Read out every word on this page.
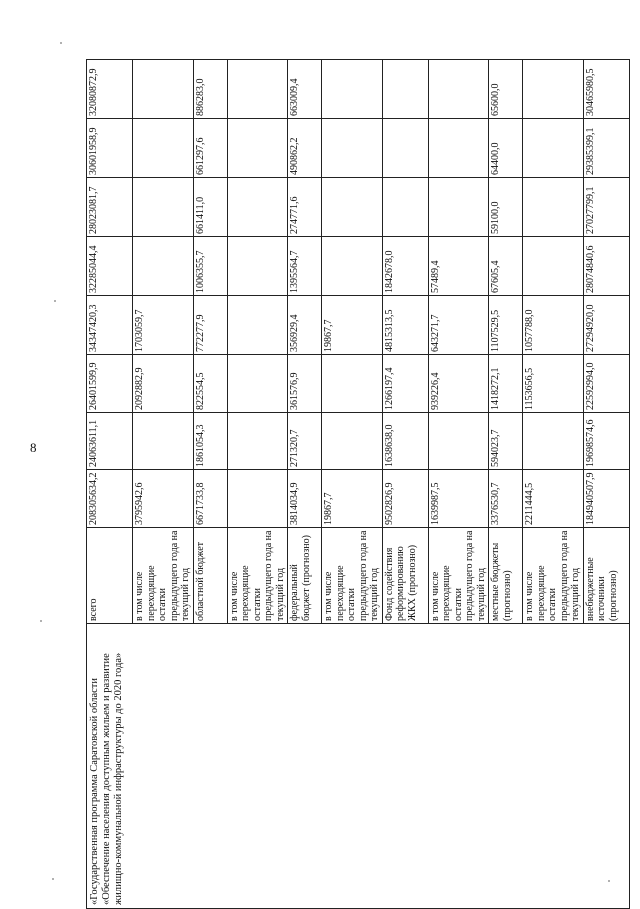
8
«Государственная программа Саратовской области «Обеспечение населения доступным жильем и развитие жилищно-коммунальной инфраструктуры до 2020 года»	всего	208305634,2	24063611,1	26401599,9	34347420,3	32285044,4	28023081,7	30601958,9	32080872,9
	в том числе переходящие остатки предыдущего года на текущий год	3795942,6		2092882,9	1703059,7				
	областной бюджет	6671733,8	1861054,3	822554,5	772277,9	1006355,7	661411,0	661297,6	886283,0
	в том числе переходящие остатки предыдущего года на текущий год								
	федеральный бюджет (прогнозно)	3814034,9	271320,7	361576,9	356929,4	1395564,7	274771,6	490862,2	663009,4
	в том числе переходящие остатки предыдущего года на текущий год	19867,7			19867,7				
	Фонд содействия реформированию ЖКХ (прогнозно)	9502826,9	1638638,0	1266197,4	4815313,5	1842678,0			
	в том числе переходящие остатки предыдущего года на текущий год	1639987,5		939226,4	643271,7	57489,4			
	местные бюджеты (прогнозно)	3376530,7	594023,7	1418272,1	1107529,5	67605,4	59100,0	64400,0	65600,0
	в том числе переходящие остатки предыдущего года на текущий год	2211444,5		1153656,5	1057788,0				
	внебюджетные источники (прогнозно)	184940507,9	19698574,6	22592994,0	27294920,0	28074840,6	27027799,1	29385399,1	30465980,5
